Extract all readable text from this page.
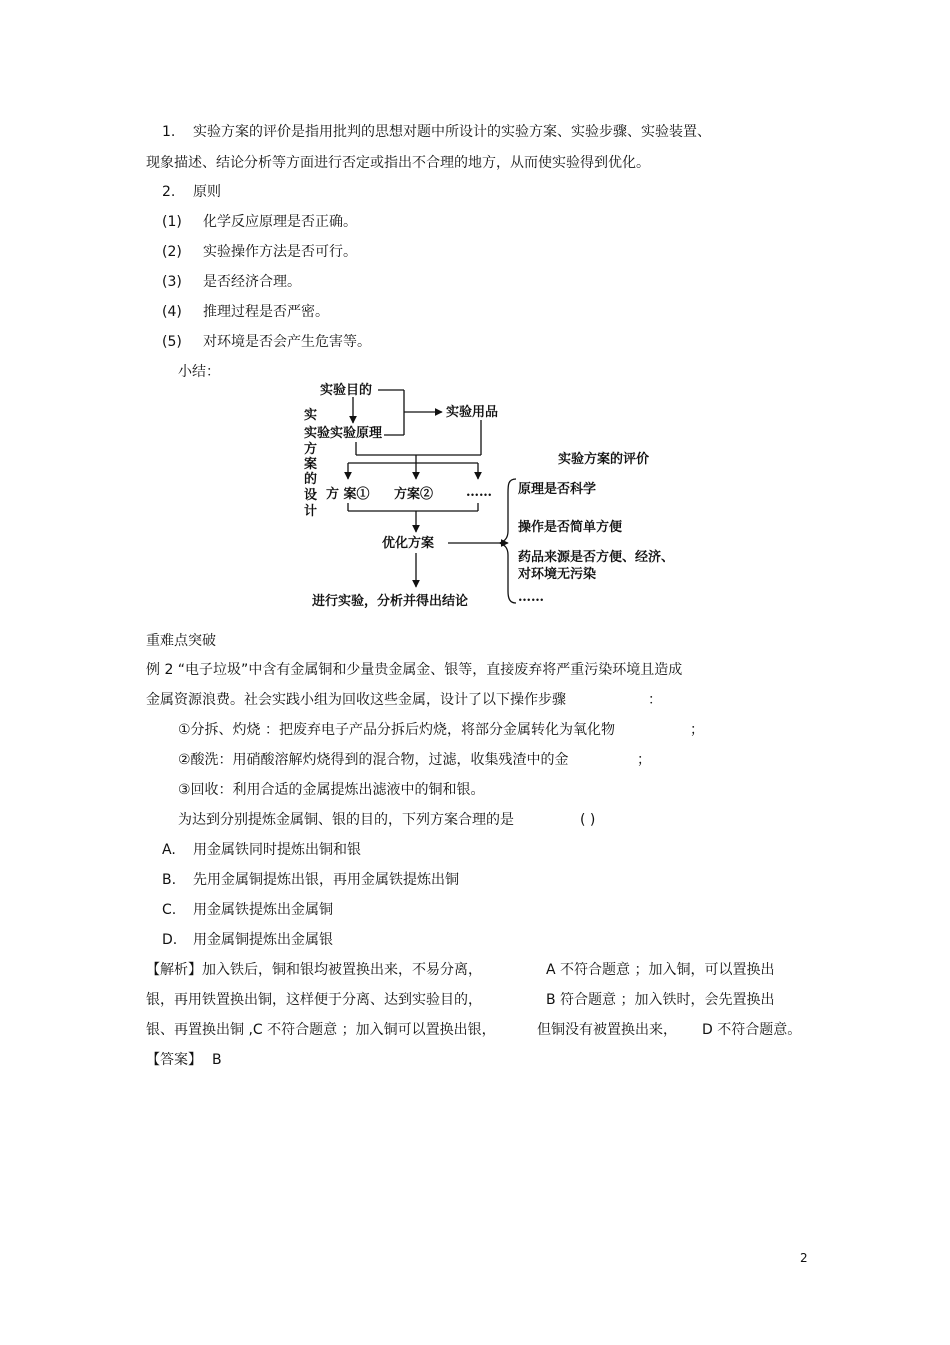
1. 实验方案的评价是指用批判的思想对题中所设计的实验方案、实验步骤、实验装置、
现象描述、结论分析等方面进行否定或指出不合理的地方，从而使实验得到优化。
2. 原则
(1) 化学反应原理是否正确。
(2) 实验操作方法是否可行。
(3) 是否经济合理。
(4) 推理过程是否严密。
(5) 对环境是否会产生危害等。
小结：
实验目的
实验用品
实验实验原理
实
方
案
的
设
计
方 案① 方案②	……
优化方案
进行实验，分析并得出结论
实验方案的评价
原理是否科学
操作是否简单方便
药品来源是否方便、经济、
对环境无污染
……
重难点突破
例 2 “电子垃圾”中含有金属铜和少量贵金属金、银等，直接废弃将严重污染环境且造成
金属资源浪费。社会实践小组为回收这些金属，设计了以下操作步骤	：
①分拆、灼烧 ：把废弃电子产品分拆后灼烧，将部分金属转化为氧化物	；
②酸洗：用硝酸溶解灼烧得到的混合物，过滤，收集残渣中的金	；
③回收：利用合适的金属提炼出滤液中的铜和银。
为达到分别提炼金属铜、银的目的，下列方案合理的是	( )
A. 用金属铁同时提炼出铜和银
B. 先用金属铜提炼出银，再用金属铁提炼出铜
C. 用金属铁提炼出金属铜
D. 用金属铜提炼出金属银
【解析】加入铁后，铜和银均被置换出来，不易分离，	A 不符合题意 ；加入铜，可以置换出
银，再用铁置换出铜，这样便于分离、达到实验目的，	B 符合题意 ；加入铁时，会先置换出
银、再置换出铜 ,C 不符合题意 ；加入铜可以置换出银，	但铜没有被置换出来， D 不符合题意。
【答案】 B
2
